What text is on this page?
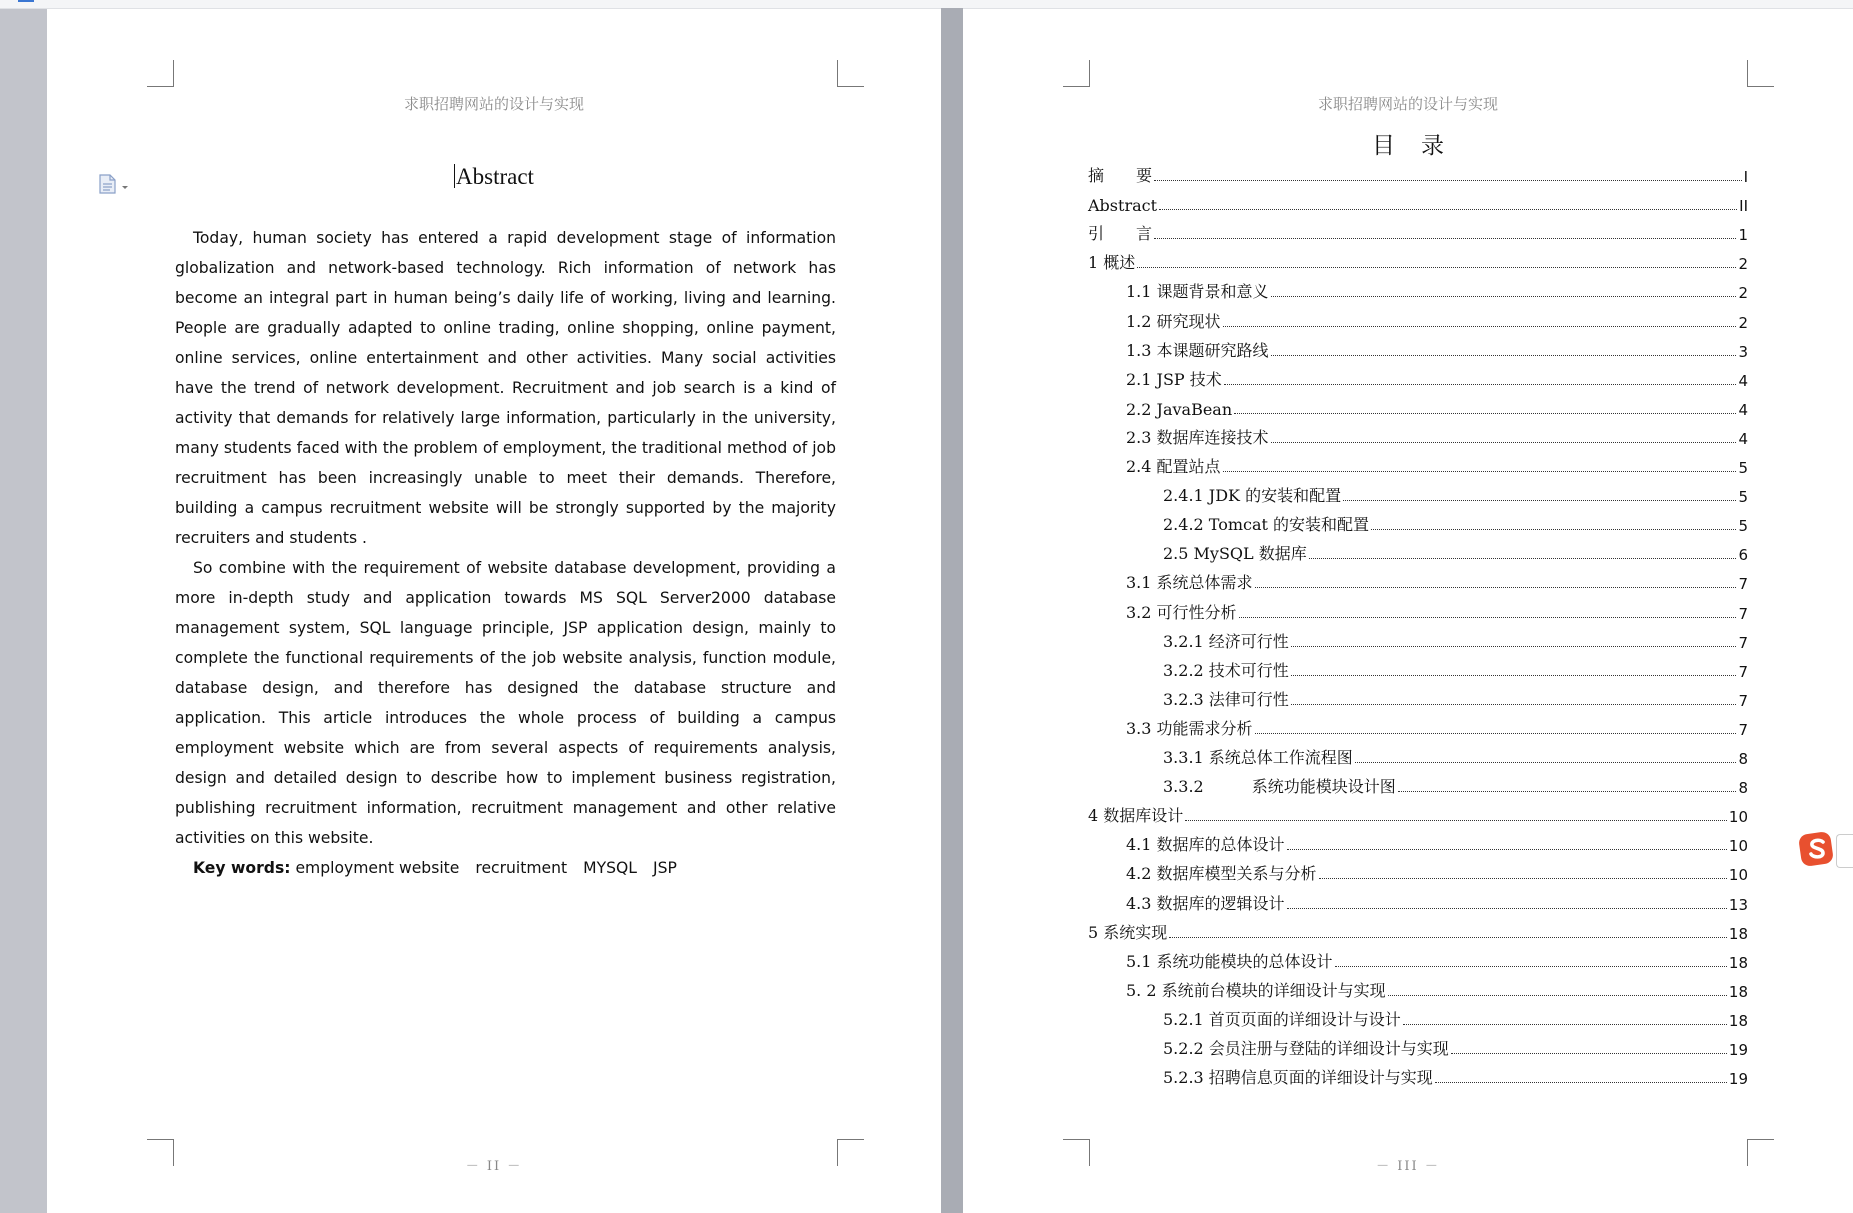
求职招聘网站的设计与实现
Abstract

Today, human society has entered a rapid development stage of information globalization and network-based technology. Rich information of network has become an integral part in human being’s daily life of working, living and learning. People are gradually adapted to online trading, online shopping, online payment, online services, online entertainment and other activities. Many social activities have the trend of network development. Recruitment and job search is a kind of activity that demands for relatively large information, particularly in the university, many students faced with the problem of employment, the traditional method of job recruitment has been increasingly unable to meet their demands. Therefore, building a campus recruitment website will be strongly supported by the majority recruiters and students .

So combine with the requirement of website database development, providing a more in-depth study and application towards MS SQL Server2000 database management system, SQL language principle, JSP application design, mainly to complete the functional requirements of the job website analysis, function module, database design, and therefore has designed the database structure and application. This article introduces the whole process of building a campus employment website which are from several aspects of requirements analysis, design and detailed design to describe how to implement business registration, publishing recruitment information, recruitment management and other relative activities on this website.

Key words: employment website recruitment MYSQL JSP

－ II －
求职招聘网站的设计与实现
目录
摘　　要	I
Abstract	II
引　　言	1
1 概述	2
1.1 课题背景和意义	2
1.2 研究现状	2
1.3 本课题研究路线	3
2.1 JSP 技术	4
2.2 JavaBean	4
2.3 数据库连接技术	4
2.4 配置站点	5
2.4.1 JDK 的安装和配置	5
2.4.2 Tomcat 的安装和配置	5
2.5 MySQL 数据库	6
3.1 系统总体需求	7
3.2 可行性分析	7
3.2.1 经济可行性	7
3.2.2 技术可行性	7
3.2.3 法律可行性	7
3.3 功能需求分析	7
3.3.1 系统总体工作流程图	8
3.3.2　　　系统功能模块设计图	8
4 数据库设计	10
4.1 数据库的总体设计	10
4.2 数据库模型关系与分析	10
4.3 数据库的逻辑设计	13
5 系统实现	18
5.1 系统功能模块的总体设计	18
5. 2 系统前台模块的详细设计与实现	18
5.2.1 首页页面的详细设计与设计	18
5.2.2 会员注册与登陆的详细设计与实现	19
5.2.3 招聘信息页面的详细设计与实现	19
－ III －
